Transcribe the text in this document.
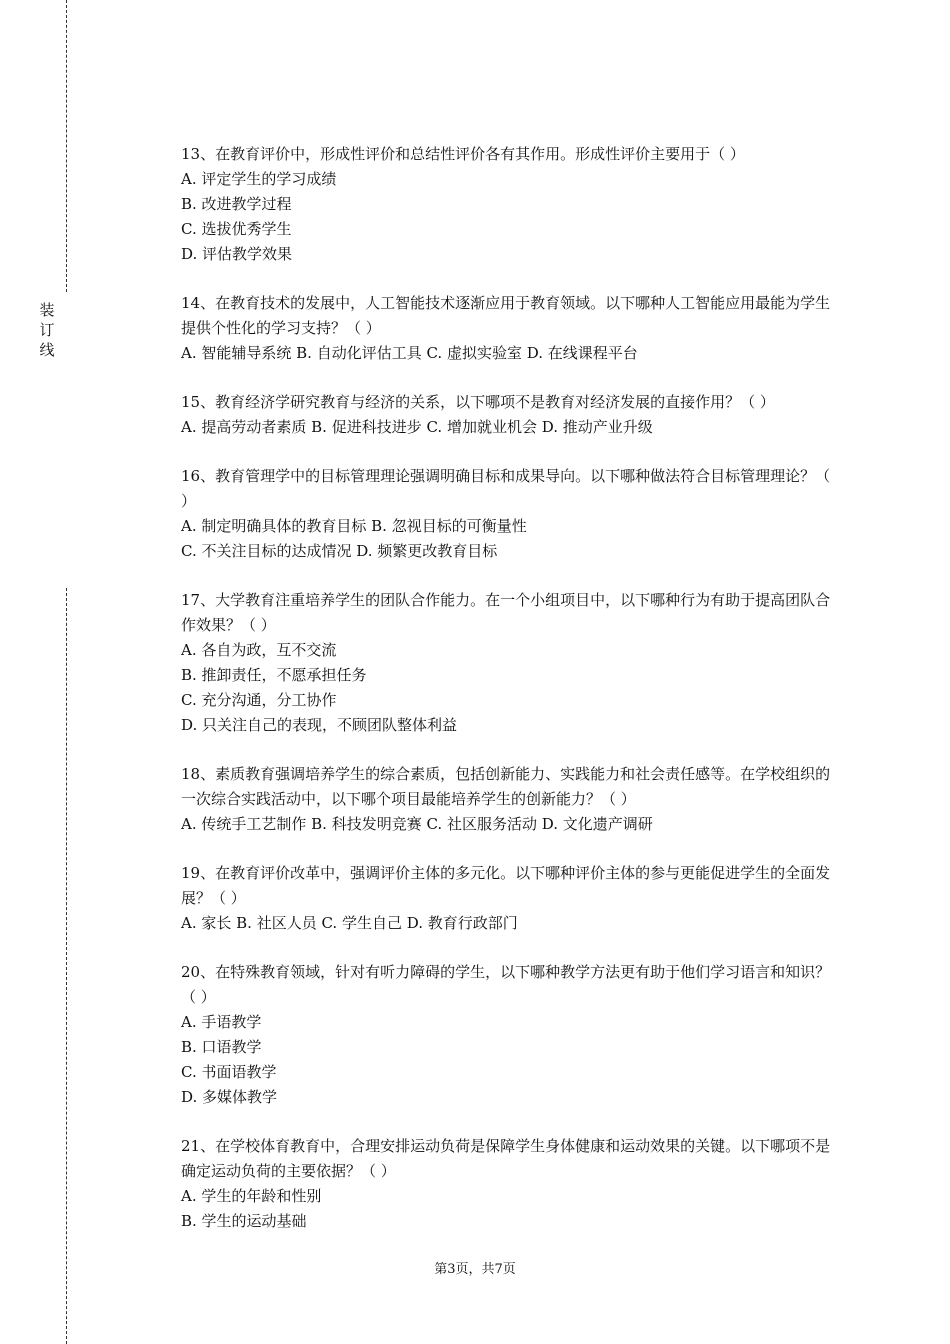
装
订
线

13、在教育评价中，形成性评价和总结性评价各有其作用。形成性评价主要用于（ ）

A. 评定学生的学习成绩

B. 改进教学过程

C. 选拔优秀学生

D. 评估教学效果

14、在教育技术的发展中，人工智能技术逐渐应用于教育领域。以下哪种人工智能应用最能为学生提供个性化的学习支持？（ ）

A. 智能辅导系统 B. 自动化评估工具 C. 虚拟实验室 D. 在线课程平台

15、教育经济学研究教育与经济的关系，以下哪项不是教育对经济发展的直接作用？（ ）

A. 提高劳动者素质 B. 促进科技进步 C. 增加就业机会 D. 推动产业升级

16、教育管理学中的目标管理理论强调明确目标和成果导向。以下哪种做法符合目标管理理论？（ ）

A. 制定明确具体的教育目标 B. 忽视目标的可衡量性

C. 不关注目标的达成情况 D. 频繁更改教育目标

17、大学教育注重培养学生的团队合作能力。在一个小组项目中，以下哪种行为有助于提高团队合作效果？（ ）

A. 各自为政，互不交流

B. 推卸责任，不愿承担任务

C. 充分沟通，分工协作

D. 只关注自己的表现，不顾团队整体利益

18、素质教育强调培养学生的综合素质，包括创新能力、实践能力和社会责任感等。在学校组织的一次综合实践活动中，以下哪个项目最能培养学生的创新能力？（ ）

A. 传统手工艺制作 B. 科技发明竞赛 C. 社区服务活动 D. 文化遗产调研

19、在教育评价改革中，强调评价主体的多元化。以下哪种评价主体的参与更能促进学生的全面发展？（ ）

A. 家长 B. 社区人员 C. 学生自己 D. 教育行政部门

20、在特殊教育领域，针对有听力障碍的学生，以下哪种教学方法更有助于他们学习语言和知识？（ ）

A. 手语教学

B. 口语教学

C. 书面语教学

D. 多媒体教学

21、在学校体育教育中，合理安排运动负荷是保障学生身体健康和运动效果的关键。以下哪项不是确定运动负荷的主要依据？（ ）

A. 学生的年龄和性别

B. 学生的运动基础

第3页，共7页
